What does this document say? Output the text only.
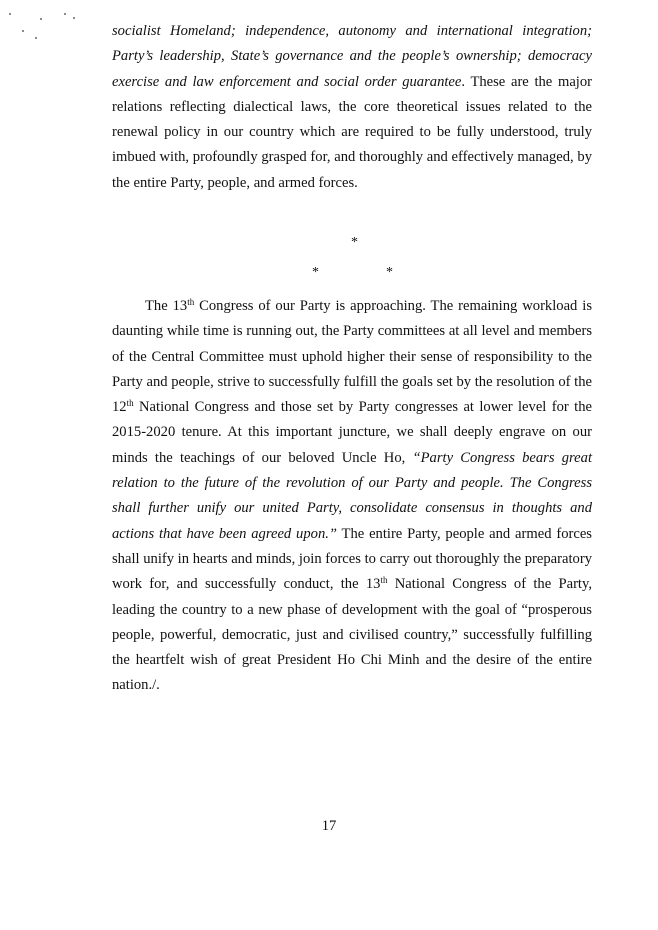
socialist Homeland; independence, autonomy and international integration; Party’s leadership, State’s governance and the people’s ownership; democracy exercise and law enforcement and social order guarantee. These are the major relations reflecting dialectical laws, the core theoretical issues related to the renewal policy in our country which are required to be fully understood, truly imbued with, profoundly grasped for, and thoroughly and effectively managed, by the entire Party, people, and armed forces.

*
*	*

The 13th Congress of our Party is approaching. The remaining workload is daunting while time is running out, the Party committees at all level and members of the Central Committee must uphold higher their sense of responsibility to the Party and people, strive to successfully fulfill the goals set by the resolution of the 12th National Congress and those set by Party congresses at lower level for the 2015-2020 tenure. At this important juncture, we shall deeply engrave on our minds the teachings of our beloved Uncle Ho, “Party Congress bears great relation to the future of the revolution of our Party and people. The Congress shall further unify our united Party, consolidate consensus in thoughts and actions that have been agreed upon.” The entire Party, people and armed forces shall unify in hearts and minds, join forces to carry out thoroughly the preparatory work for, and successfully conduct, the 13th National Congress of the Party, leading the country to a new phase of development with the goal of “prosperous people, powerful, democratic, just and civilised country,” successfully fulfilling the heartfelt wish of great President Ho Chi Minh and the desire of the entire nation./.

17
